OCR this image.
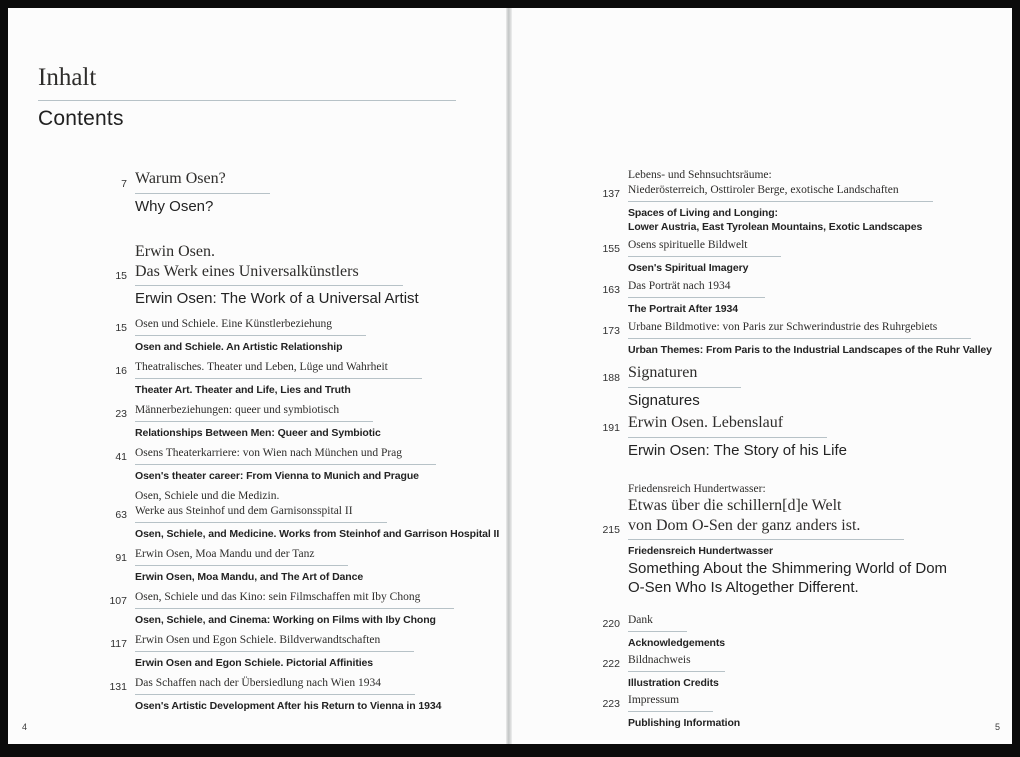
Inhalt
Contents
7 Warum Osen?
Why Osen?
15
Erwin Osen.
Das Werk eines Universalkünstlers
Erwin Osen: The Work of a Universal Artist
15 Osen und Schiele. Eine Künstlerbeziehung
Osen and Schiele. An Artistic Relationship
16 Theatralisches. Theater und Leben, Lüge und Wahrheit
Theater Art. Theater and Life, Lies and Truth
23 Männerbeziehungen: queer und symbiotisch
Relationships Between Men: Queer and Symbiotic
41 Osens Theaterkarriere: von Wien nach München und Prag
Osen's theater career: From Vienna to Munich and Prague
63
Osen, Schiele und die Medizin.
Werke aus Steinhof und dem Garnisonsspital II
Osen, Schiele, and Medicine. Works from Steinhof and Garrison Hospital II
91 Erwin Osen, Moa Mandu und der Tanz
Erwin Osen, Moa Mandu, and The Art of Dance
107 Osen, Schiele und das Kino: sein Filmschaffen mit Iby Chong
Osen, Schiele, and Cinema: Working on Films with Iby Chong
117 Erwin Osen und Egon Schiele. Bildverwandtschaften
Erwin Osen and Egon Schiele. Pictorial Affinities
131 Das Schaffen nach der Übersiedlung nach Wien 1934
Osen's Artistic Development After his Return to Vienna in 1934
4
137
Lebens- und Sehnsuchtsräume:
Niederösterreich, Osttiroler Berge, exotische Landschaften
Spaces of Living and Longing:
Lower Austria, East Tyrolean Mountains, Exotic Landscapes
155 Osens spirituelle Bildwelt
Osen's Spiritual Imagery
163 Das Porträt nach 1934
The Portrait After 1934
173 Urbane Bildmotive: von Paris zur Schwerindustrie des Ruhrgebiets
Urban Themes: From Paris to the Industrial Landscapes of the Ruhr Valley
188 Signaturen
Signatures
191 Erwin Osen. Lebenslauf
Erwin Osen: The Story of his Life
215
Friedensreich Hundertwasser:
Etwas über die schillern[d]e Welt
von Dom O-Sen der ganz anders ist.
Friedensreich Hundertwasser
Something About the Shimmering World of Dom
O-Sen Who Is Altogether Different.
220 Dank
Acknowledgements
222 Bildnachweis
Illustration Credits
223 Impressum
Publishing Information	5
